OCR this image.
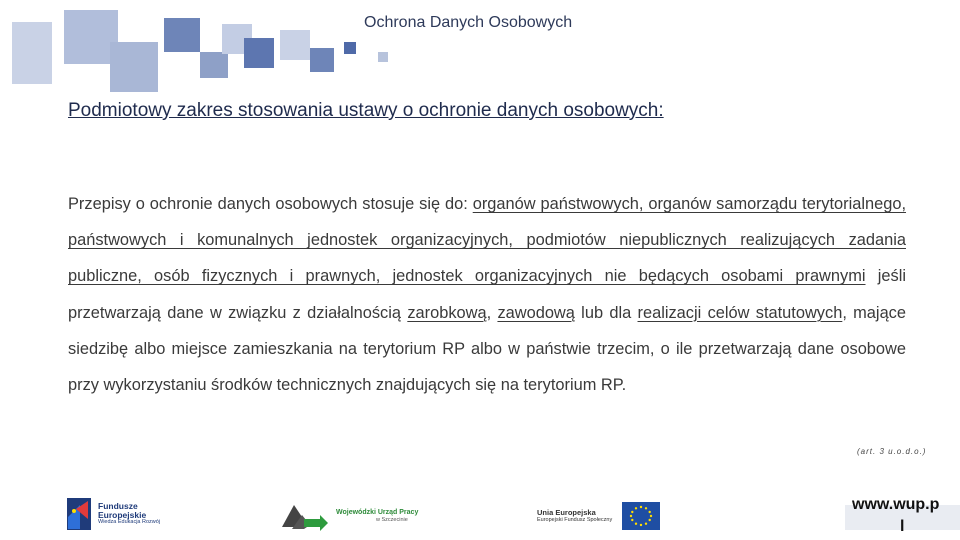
Ochrona Danych Osobowych
Podmiotowy zakres stosowania ustawy o ochronie danych osobowych:
Przepisy o ochronie danych osobowych stosuje się do: organów państwowych, organów samorządu terytorialnego, państwowych i komunalnych jednostek organizacyjnych, podmiotów niepublicznych realizujących zadania publiczne, osób fizycznych i prawnych, jednostek organizacyjnych nie będących osobami prawnymi jeśli przetwarzają dane w związku z działalnością zarobkową, zawodową lub dla realizacji celów statutowych, mające siedzibę albo miejsce zamieszkania na terytorium RP albo w państwie trzecim, o ile przetwarzają dane osobowe przy wykorzystaniu środków technicznych znajdujących się na terytorium RP.
(art. 3 u.o.d.o.)
Fundusze
Europejskie
Wiedza Edukacja Rozwój
Wojewódzki Urząd Pracy
w Szczecinie
Unia Europejska
Europejski Fundusz Społeczny
www.wup.p
l
